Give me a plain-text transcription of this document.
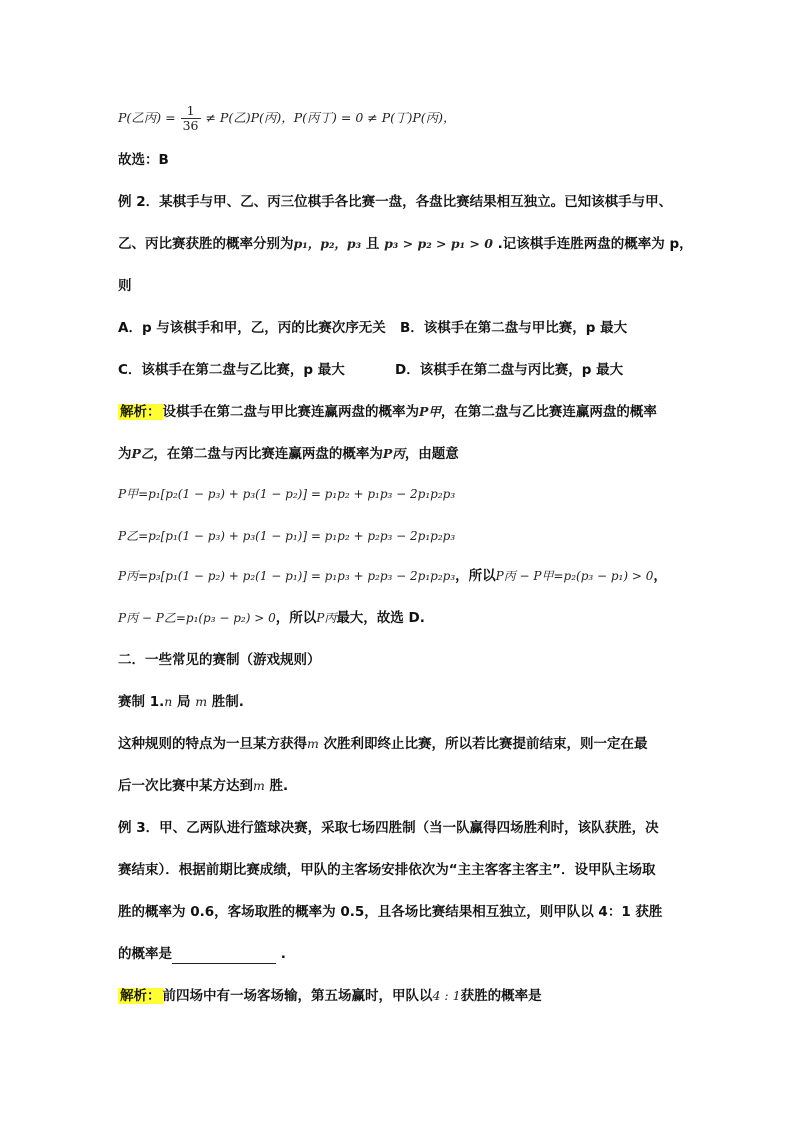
P(乙丙) = $\frac{1}{36} \ne P$(乙)P(丙)，P(丙丁) = 0 ≠ P(丁)P(丙)，
故选：B
例 2．某棋手与甲、乙、丙三位棋手各比赛一盘，各盘比赛结果相互独立。已知该棋手与甲、
乙、丙比赛获胜的概率分别为p₁，p₂，p₃ 且 p₃ > p₂ > p₁ > 0 .记该棋手连胜两盘的概率为 p，
则
A．p 与该棋手和甲，乙，丙的比赛次序无关 B．该棋手在第二盘与甲比赛，p 最大
C．该棋手在第二盘与乙比赛，p 最大	D．该棋手在第二盘与丙比赛，p 最大
解析： 设棋手在第二盘与甲比赛连赢两盘的概率为P甲，在第二盘与乙比赛连赢两盘的概率
为P乙，在第二盘与丙比赛连赢两盘的概率为P丙，由题意
P甲=p₁[p₂(1 − p₃) + p₃(1 − p₂)] = p₁p₂ + p₁p₃ − 2p₁p₂p₃
P乙=p₂[p₁(1 − p₃) + p₃(1 − p₁)] = p₁p₂ + p₂p₃ − 2p₁p₂p₃
P丙=p₃[p₁(1 − p₂) + p₂(1 − p₁)] = p₁p₃ + p₂p₃ − 2p₁p₂p₃，所以P丙 − P甲=p₂(p₃ − p₁) > 0，
P丙 − P乙=p₁(p₃ − p₂) > 0，所以P丙最大，故选 D.
二．一些常见的赛制（游戏规则）
赛制 1.n 局 m 胜制.
这种规则的特点为一旦某方获得m 次胜利即终止比赛，所以若比赛提前结束，则一定在最
后一次比赛中某方达到m 胜.
例 3．甲、乙两队进行篮球决赛，采取七场四胜制（当一队赢得四场胜利时，该队获胜，决
赛结束）．根据前期比赛成绩，甲队的主客场安排依次为“主主客客主客主”．设甲队主场取
胜的概率为 0.6，客场取胜的概率为 0.5，且各场比赛结果相互独立，则甲队以 4：1 获胜
的概率是	.
解析： 前四场中有一场客场输，第五场赢时，甲队以4 : 1获胜的概率是
